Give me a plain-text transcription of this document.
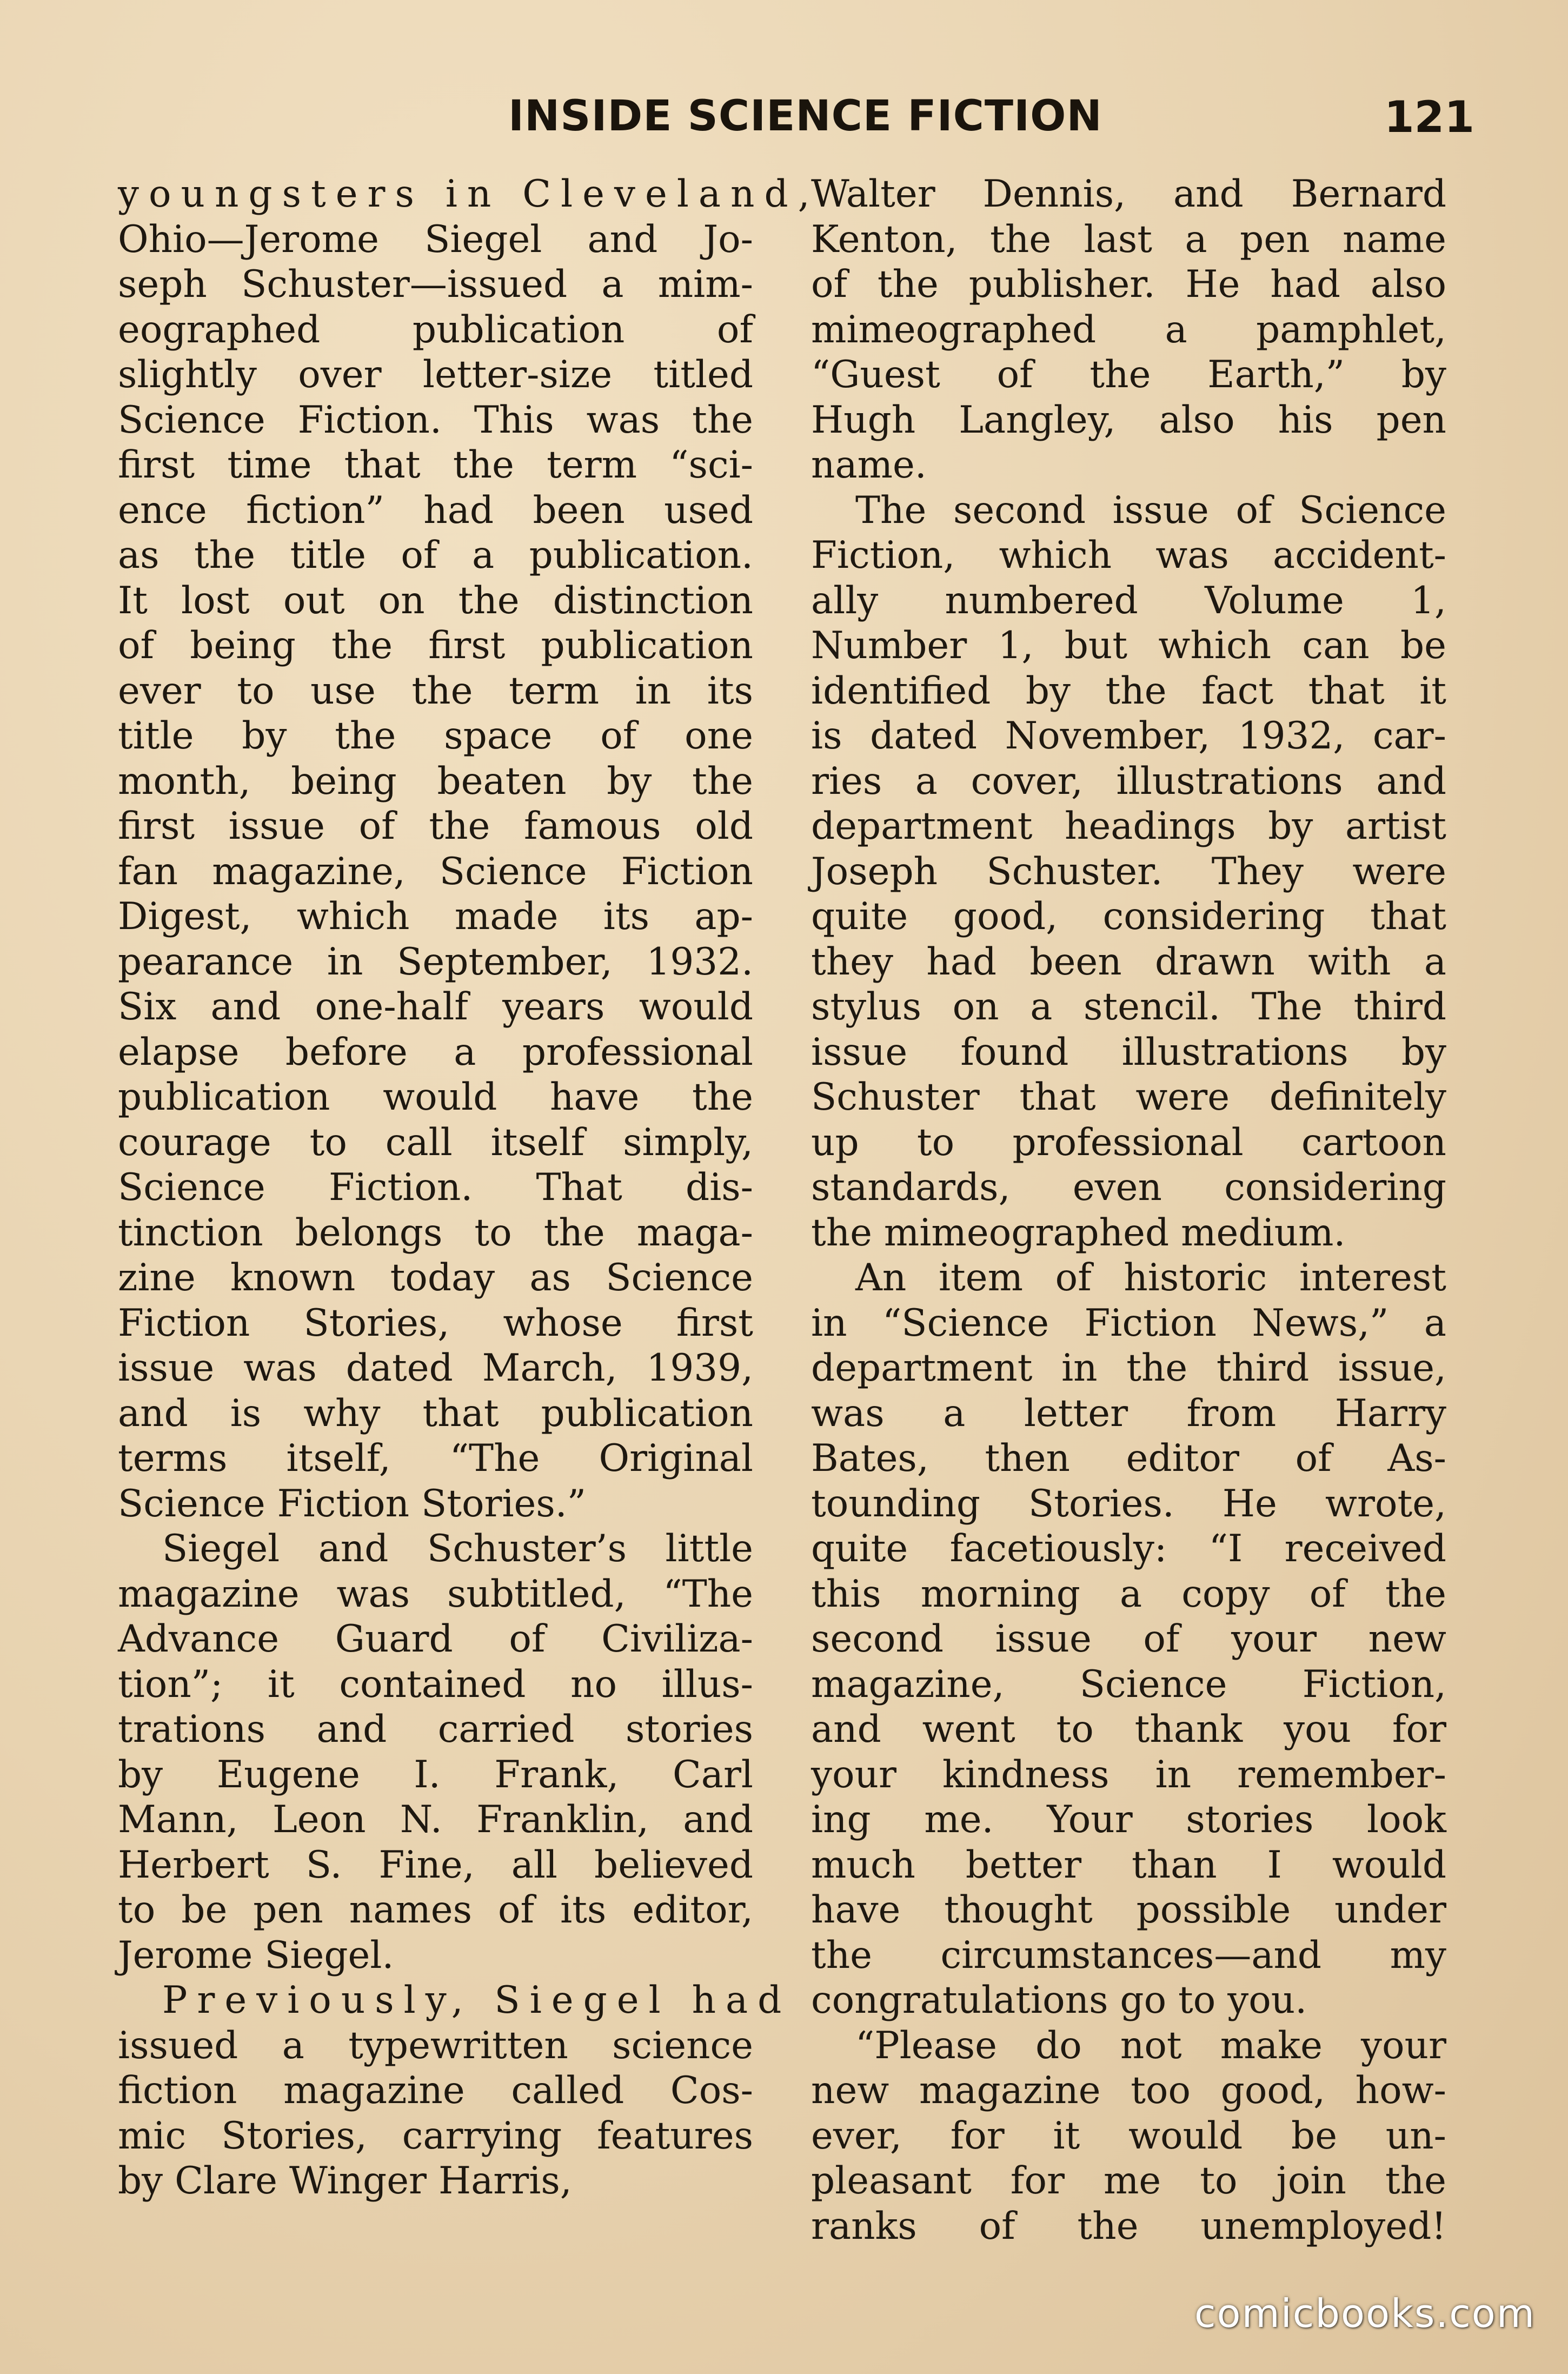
INSIDE SCIENCE FICTION	121

youngsters in Cleveland,
Ohio—Jerome Siegel and Jo-
seph Schuster—issued a mim-
eographed publication of
slightly over letter-size titled
Science Fiction. This was the
first time that the term “sci-
ence fiction” had been used
as the title of a publication.
It lost out on the distinction
of being the first publication
ever to use the term in its
title by the space of one
month, being beaten by the
first issue of the famous old
fan magazine, Science Fiction
Digest, which made its ap-
pearance in September, 1932.
Six and one-half years would
elapse before a professional
publication would have the
courage to call itself simply,
Science Fiction. That dis-
tinction belongs to the maga-
zine known today as Science
Fiction Stories, whose first
issue was dated March, 1939,
and is why that publication
terms itself, “The Original
Science Fiction Stories.”

Siegel and Schuster’s little
magazine was subtitled, “The
Advance Guard of Civiliza-
tion”; it contained no illus-
trations and carried stories
by Eugene I. Frank, Carl
Mann, Leon N. Franklin, and
Herbert S. Fine, all believed
to be pen names of its editor,
Jerome Siegel.

Previously, Siegel had
issued a typewritten science
fiction magazine called Cos-
mic Stories, carrying features
by Clare Winger Harris,

Walter Dennis, and Bernard
Kenton, the last a pen name
of the publisher. He had also
mimeographed a pamphlet,
“Guest of the Earth,” by
Hugh Langley, also his pen
name.

The second issue of Science
Fiction, which was accident-
ally numbered Volume 1,
Number 1, but which can be
identified by the fact that it
is dated November, 1932, car-
ries a cover, illustrations and
department headings by artist
Joseph Schuster. They were
quite good, considering that
they had been drawn with a
stylus on a stencil. The third
issue found illustrations by
Schuster that were definitely
up to professional cartoon
standards, even considering
the mimeographed medium.

An item of historic interest
in “Science Fiction News,” a
department in the third issue,
was a letter from Harry
Bates, then editor of As-
tounding Stories. He wrote,
quite facetiously: “I received
this morning a copy of the
second issue of your new
magazine, Science Fiction,
and went to thank you for
your kindness in remember-
ing me. Your stories look
much better than I would
have thought possible under
the circumstances—and my
congratulations go to you.

“Please do not make your
new magazine too good, how-
ever, for it would be un-
pleasant for me to join the
ranks of the unemployed!

comicbooks.com
